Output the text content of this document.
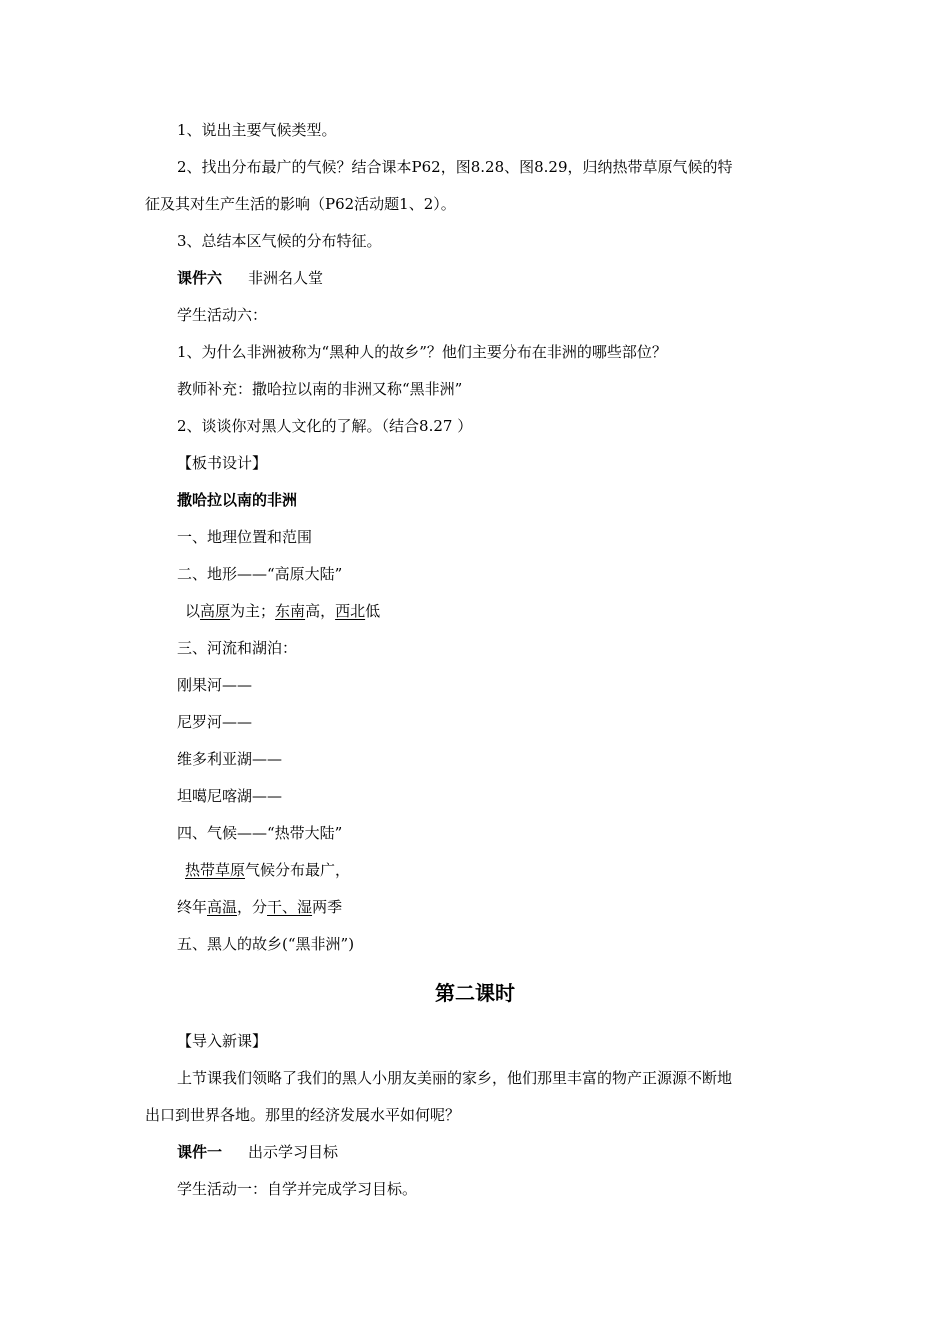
1、说出主要气候类型。
2、找出分布最广的气候？结合课本P62，图8.28、图8.29，归纳热带草原气候的特
征及其对生产生活的影响（P62活动题1、2）。
3、总结本区气候的分布特征。
课件六 非洲名人堂
学生活动六：
1、为什么非洲被称为“黑种人的故乡”？他们主要分布在非洲的哪些部位？
教师补充：撒哈拉以南的非洲又称“黑非洲”
2、谈谈你对黑人文化的了解。（结合8.27 ）
【板书设计】
撒哈拉以南的非洲
一、地理位置和范围
二、地形——“高原大陆”
以高原为主；东南高，西北低
三、河流和湖泊：
刚果河——
尼罗河——
维多利亚湖——
坦噶尼喀湖——
四、气候——“热带大陆”
热带草原气候分布最广，
终年高温，分干、湿两季
五、黑人的故乡(“黑非洲”)
第二课时
【导入新课】
上节课我们领略了我们的黑人小朋友美丽的家乡，他们那里丰富的物产正源源不断地
出口到世界各地。那里的经济发展水平如何呢？
课件一 出示学习目标
学生活动一：自学并完成学习目标。
